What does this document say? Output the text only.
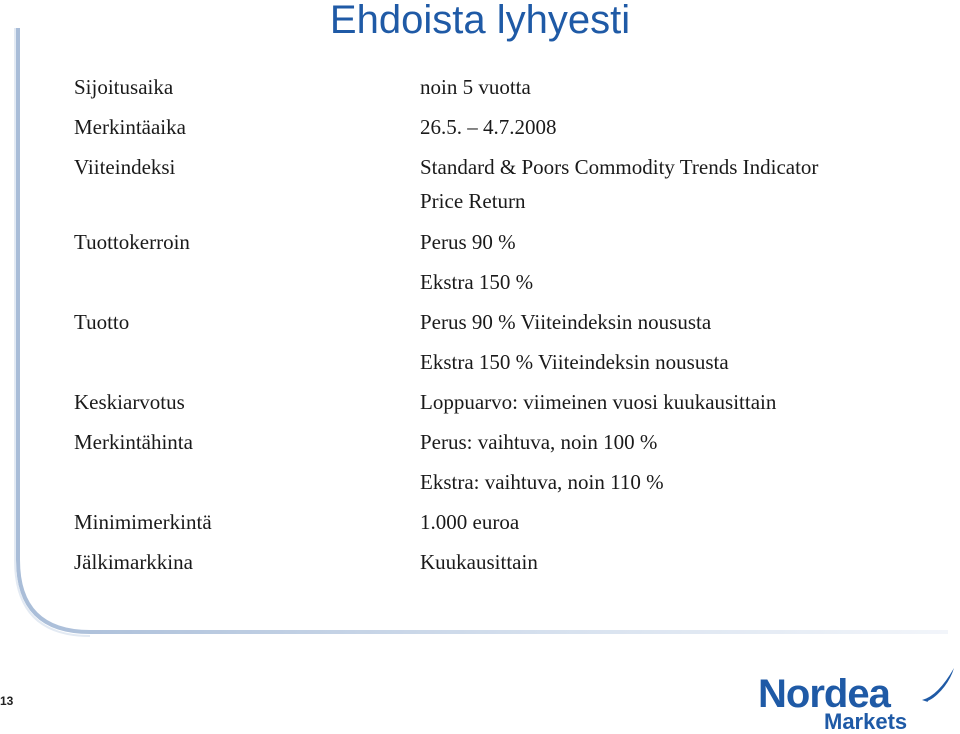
Ehdoista lyhyesti
Sijoitusaika	noin 5 vuotta
Merkintäaika	26.5. – 4.7.2008
Viiteindeksi	Standard & Poors Commodity Trends Indicator
Price Return
Tuottokerroin	Perus 90 %
Ekstra 150 %
Tuotto	Perus 90 % Viiteindeksin noususta
Ekstra 150 % Viiteindeksin noususta
Keskiarvotus	Loppuarvo: viimeinen vuosi kuukausittain
Merkintähinta	Perus: vaihtuva, noin 100 %
Ekstra: vaihtuva, noin 110 %
Minimimerkintä	1.000 euroa
Jälkimarkkina	Kuukausittain
13	Nordea
Markets
